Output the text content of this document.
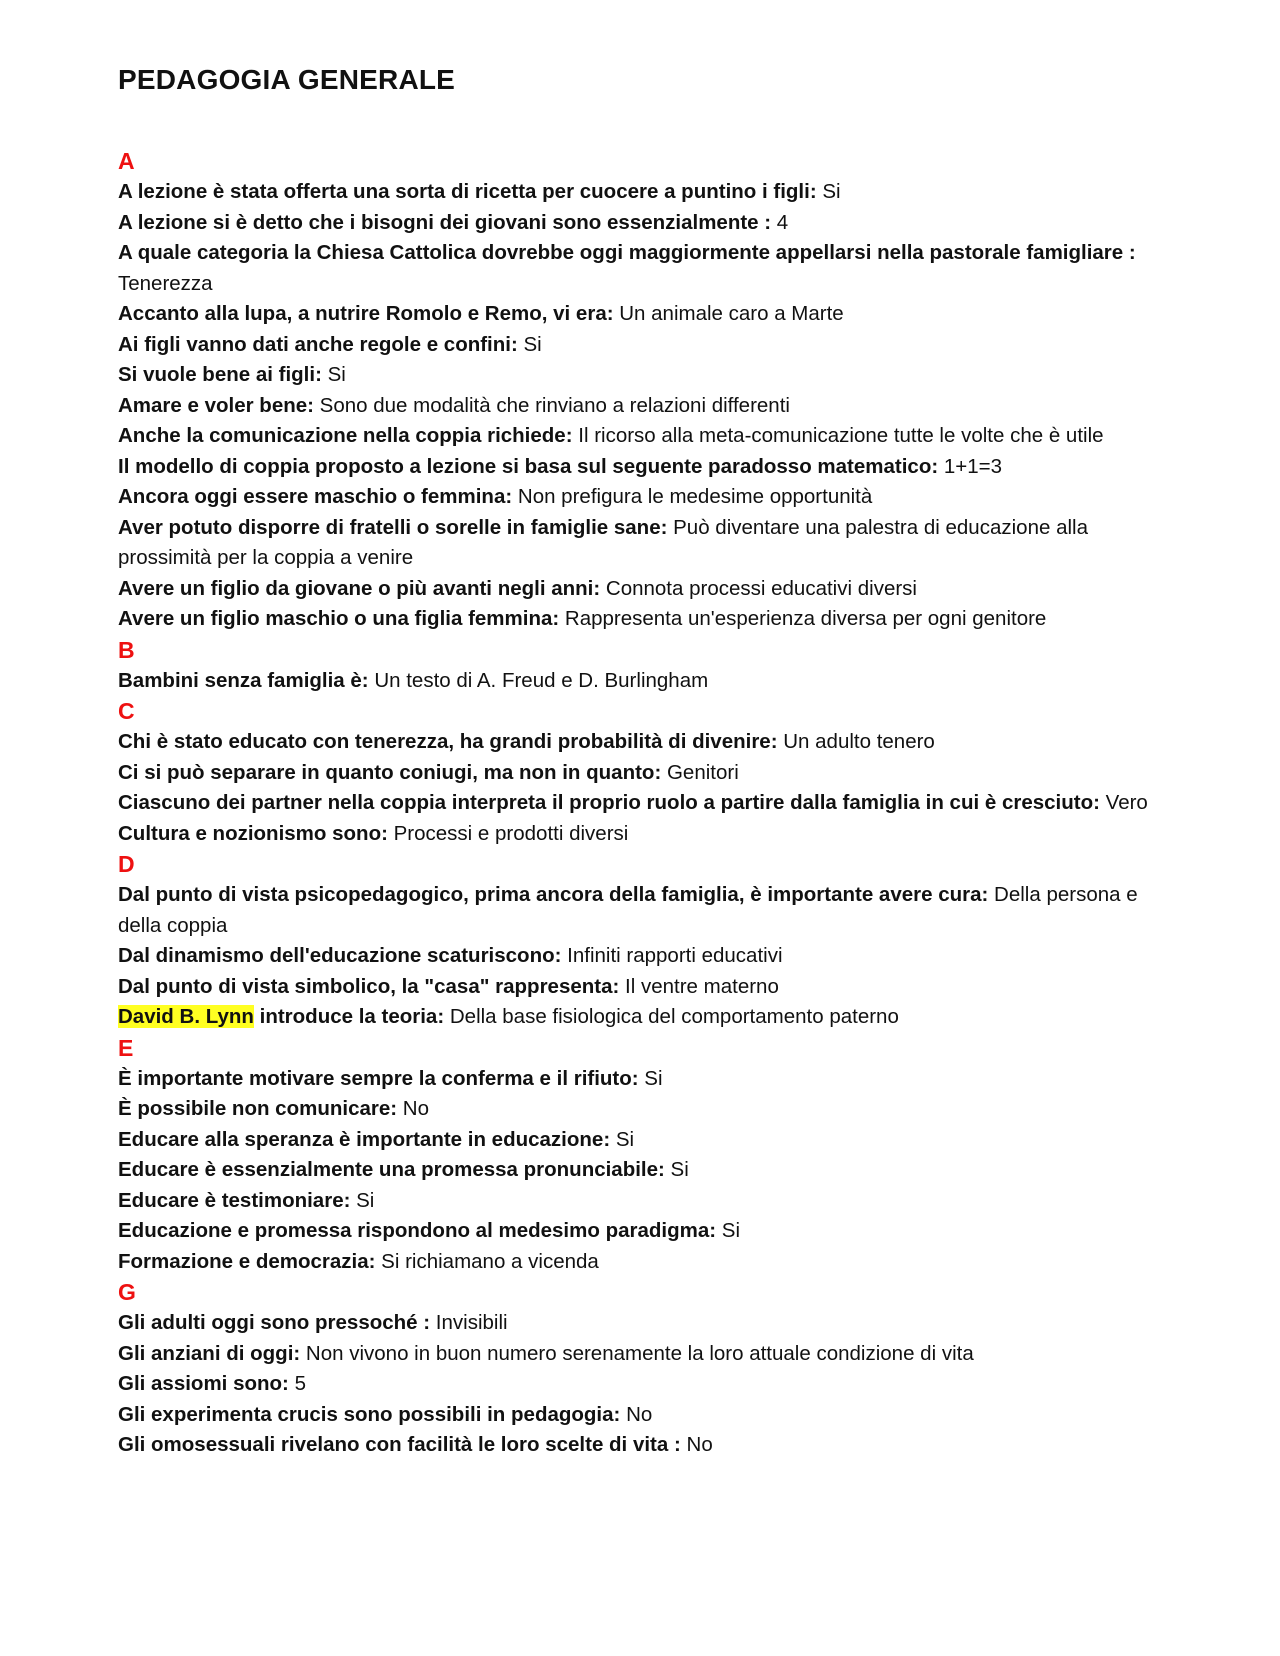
PEDAGOGIA GENERALE
A
A lezione è stata offerta una sorta di ricetta per cuocere a puntino i figli: Si
A lezione si è detto che i bisogni dei giovani sono essenzialmente : 4
A quale categoria la Chiesa Cattolica dovrebbe oggi maggiormente appellarsi nella pastorale famigliare : Tenerezza
Accanto alla lupa, a nutrire Romolo e Remo, vi era: Un animale caro a Marte
Ai figli vanno dati anche regole e confini: Si
Si vuole bene ai figli: Si
Amare e voler bene: Sono due modalità che rinviano a relazioni differenti
Anche la comunicazione nella coppia richiede: Il ricorso alla meta-comunicazione tutte le volte che è utile
Il modello di coppia proposto a lezione si basa sul seguente paradosso matematico: 1+1=3
Ancora oggi essere maschio o femmina: Non prefigura le medesime opportunità
Aver potuto disporre di fratelli o sorelle in famiglie sane: Può diventare una palestra di educazione alla prossimità per la coppia a venire
Avere un figlio da giovane o più avanti negli anni: Connota processi educativi diversi
Avere un figlio maschio o una figlia femmina: Rappresenta un'esperienza diversa per ogni genitore
B
Bambini senza famiglia è: Un testo di A. Freud e D. Burlingham
C
Chi è stato educato con tenerezza, ha grandi probabilità di divenire: Un adulto tenero
Ci si può separare in quanto coniugi, ma non in quanto: Genitori
Ciascuno dei partner nella coppia interpreta il proprio ruolo a partire dalla famiglia in cui è cresciuto: Vero
Cultura e nozionismo sono: Processi e prodotti diversi
D
Dal punto di vista psicopedagogico, prima ancora della famiglia, è importante avere cura: Della persona e della coppia
Dal dinamismo dell'educazione scaturiscono: Infiniti rapporti educativi
Dal punto di vista simbolico, la "casa" rappresenta: Il ventre materno
David B. Lynn introduce la teoria: Della base fisiologica del comportamento paterno
E
È importante motivare sempre la conferma e il rifiuto: Si
È possibile non comunicare: No
Educare alla speranza è importante in educazione: Si
Educare è essenzialmente una promessa pronunciabile: Si
Educare è testimoniare: Si
Educazione e promessa rispondono al medesimo paradigma: Si
Formazione e democrazia: Si richiamano a vicenda
G
Gli adulti oggi sono pressoché : Invisibili
Gli anziani di oggi: Non vivono in buon numero serenamente la loro attuale condizione di vita
Gli assiomi sono: 5
Gli experimenta crucis sono possibili in pedagogia: No
Gli omosessuali rivelano con facilità le loro scelte di vita : No
